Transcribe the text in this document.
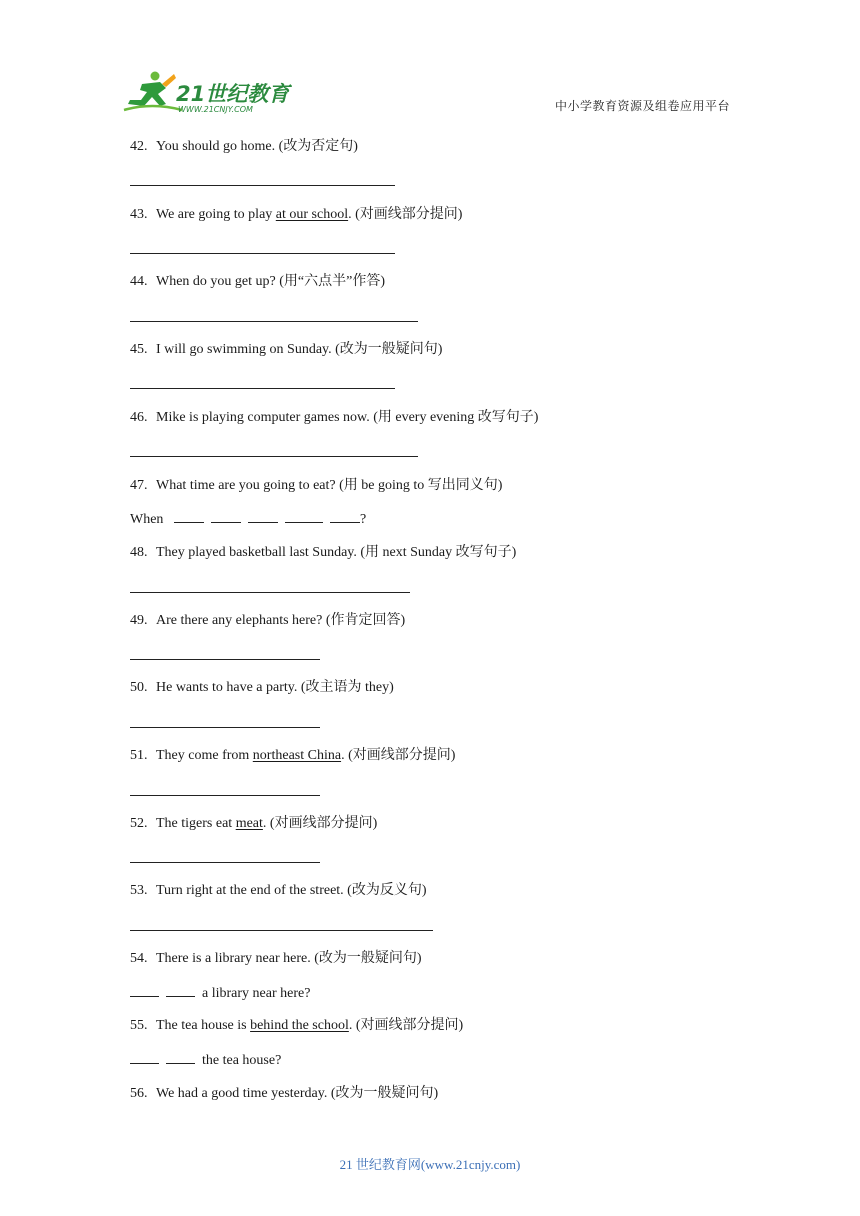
21世纪教育
WWW.21CNJY.COM	中小学教育资源及组卷应用平台
42. You should go home. (改为否定句)
43. We are going to play at our school. (对画线部分提问)
44. When do you get up? (用“六点半”作答)
45. I will go swimming on Sunday. (改为一般疑问句)
46. Mike is playing computer games now. (用 every evening 改写句子)
47. What time are you going to eat? (用 be going to 写出同义句)
When	?
48. They played basketball last Sunday. (用 next Sunday 改写句子)
49. Are there any elephants here? (作肯定回答)
50. He wants to have a party. (改主语为 they)
51. They come from northeast China. (对画线部分提问)
52. The tigers eat meat. (对画线部分提问)
53. Turn right at the end of the street. (改为反义句)
54. There is a library near here. (改为一般疑问句)
a library near here?
55. The tea house is behind the school. (对画线部分提问)
the tea house?
56. We had a good time yesterday. (改为一般疑问句)
21 世纪教育网(www.21cnjy.com)
